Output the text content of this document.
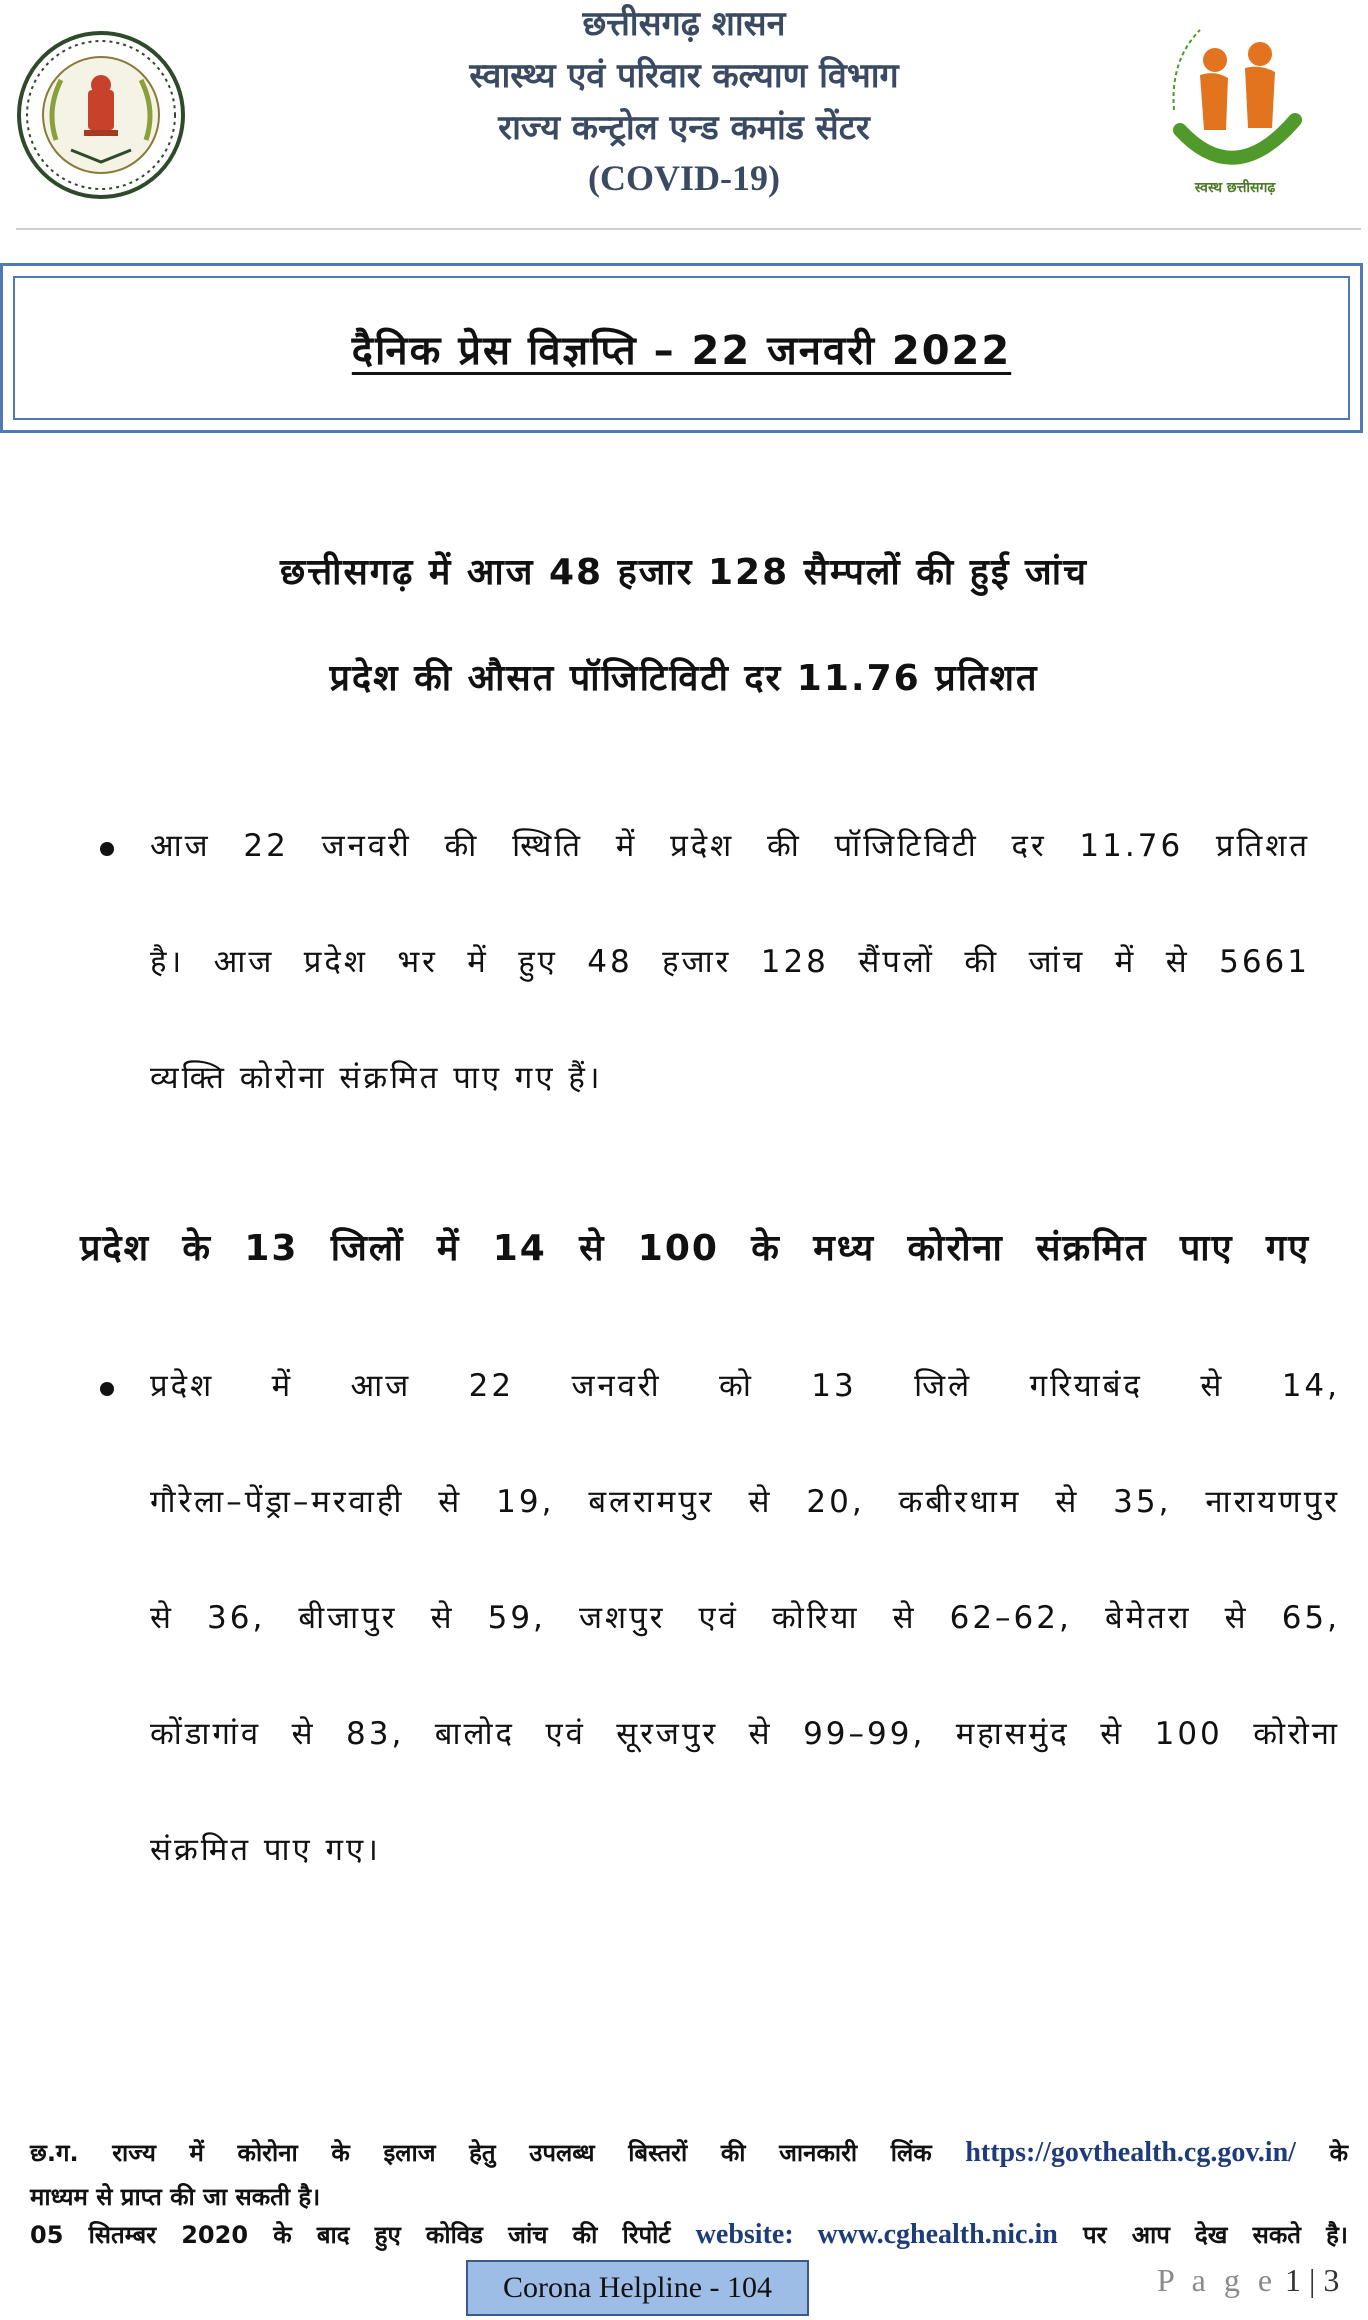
छत्तीसगढ़ शासन
स्वास्थ्य एवं परिवार कल्याण विभाग
राज्य कन्ट्रोल एन्ड कमांड सेंटर
(COVID-19)	स्वस्थ छत्तीसगढ़
दैनिक प्रेस विज्ञप्ति – 22 जनवरी 2022
छत्तीसगढ़ में आज 48 हजार 128 सैम्पलों की हुई जांच
प्रदेश की औसत पॉजिटिविटी दर 11.76 प्रतिशत
आज 22 जनवरी की स्थिति में प्रदेश की पॉजिटिविटी दर 11.76 प्रतिशत
है। आज प्रदेश भर में हुए 48 हजार 128 सैंपलों की जांच में से 5661
व्यक्ति कोरोना संक्रमित पाए गए हैं।
प्रदेश के 13 जिलों में 14 से 100 के मध्य कोरोना संक्रमित पाए गए
प्रदेश में आज 22 जनवरी को 13 जिले गरियाबंद से 14,
गौरेला–पेंड्रा–मरवाही से 19, बलरामपुर से 20, कबीरधाम से 35, नारायणपुर
से 36, बीजापुर से 59, जशपुर एवं कोरिया से 62–62, बेमेतरा से 65,
कोंडागांव से 83, बालोद एवं सूरजपुर से 99–99, महासमुंद से 100 कोरोना
संक्रमित पाए गए।
छ.ग. राज्य में कोरोना के इलाज हेतु उपलब्ध बिस्तरों की जानकारी लिंक https://govthealth.cg.gov.in/ के
माध्यम से प्राप्त की जा सकती है।
05 सितम्बर 2020 के बाद हुए कोविड जांच की रिपोर्ट website: www.cghealth.nic.in पर आप देख सकते है।
Corona Helpline - 104	P a g e 1 | 3
